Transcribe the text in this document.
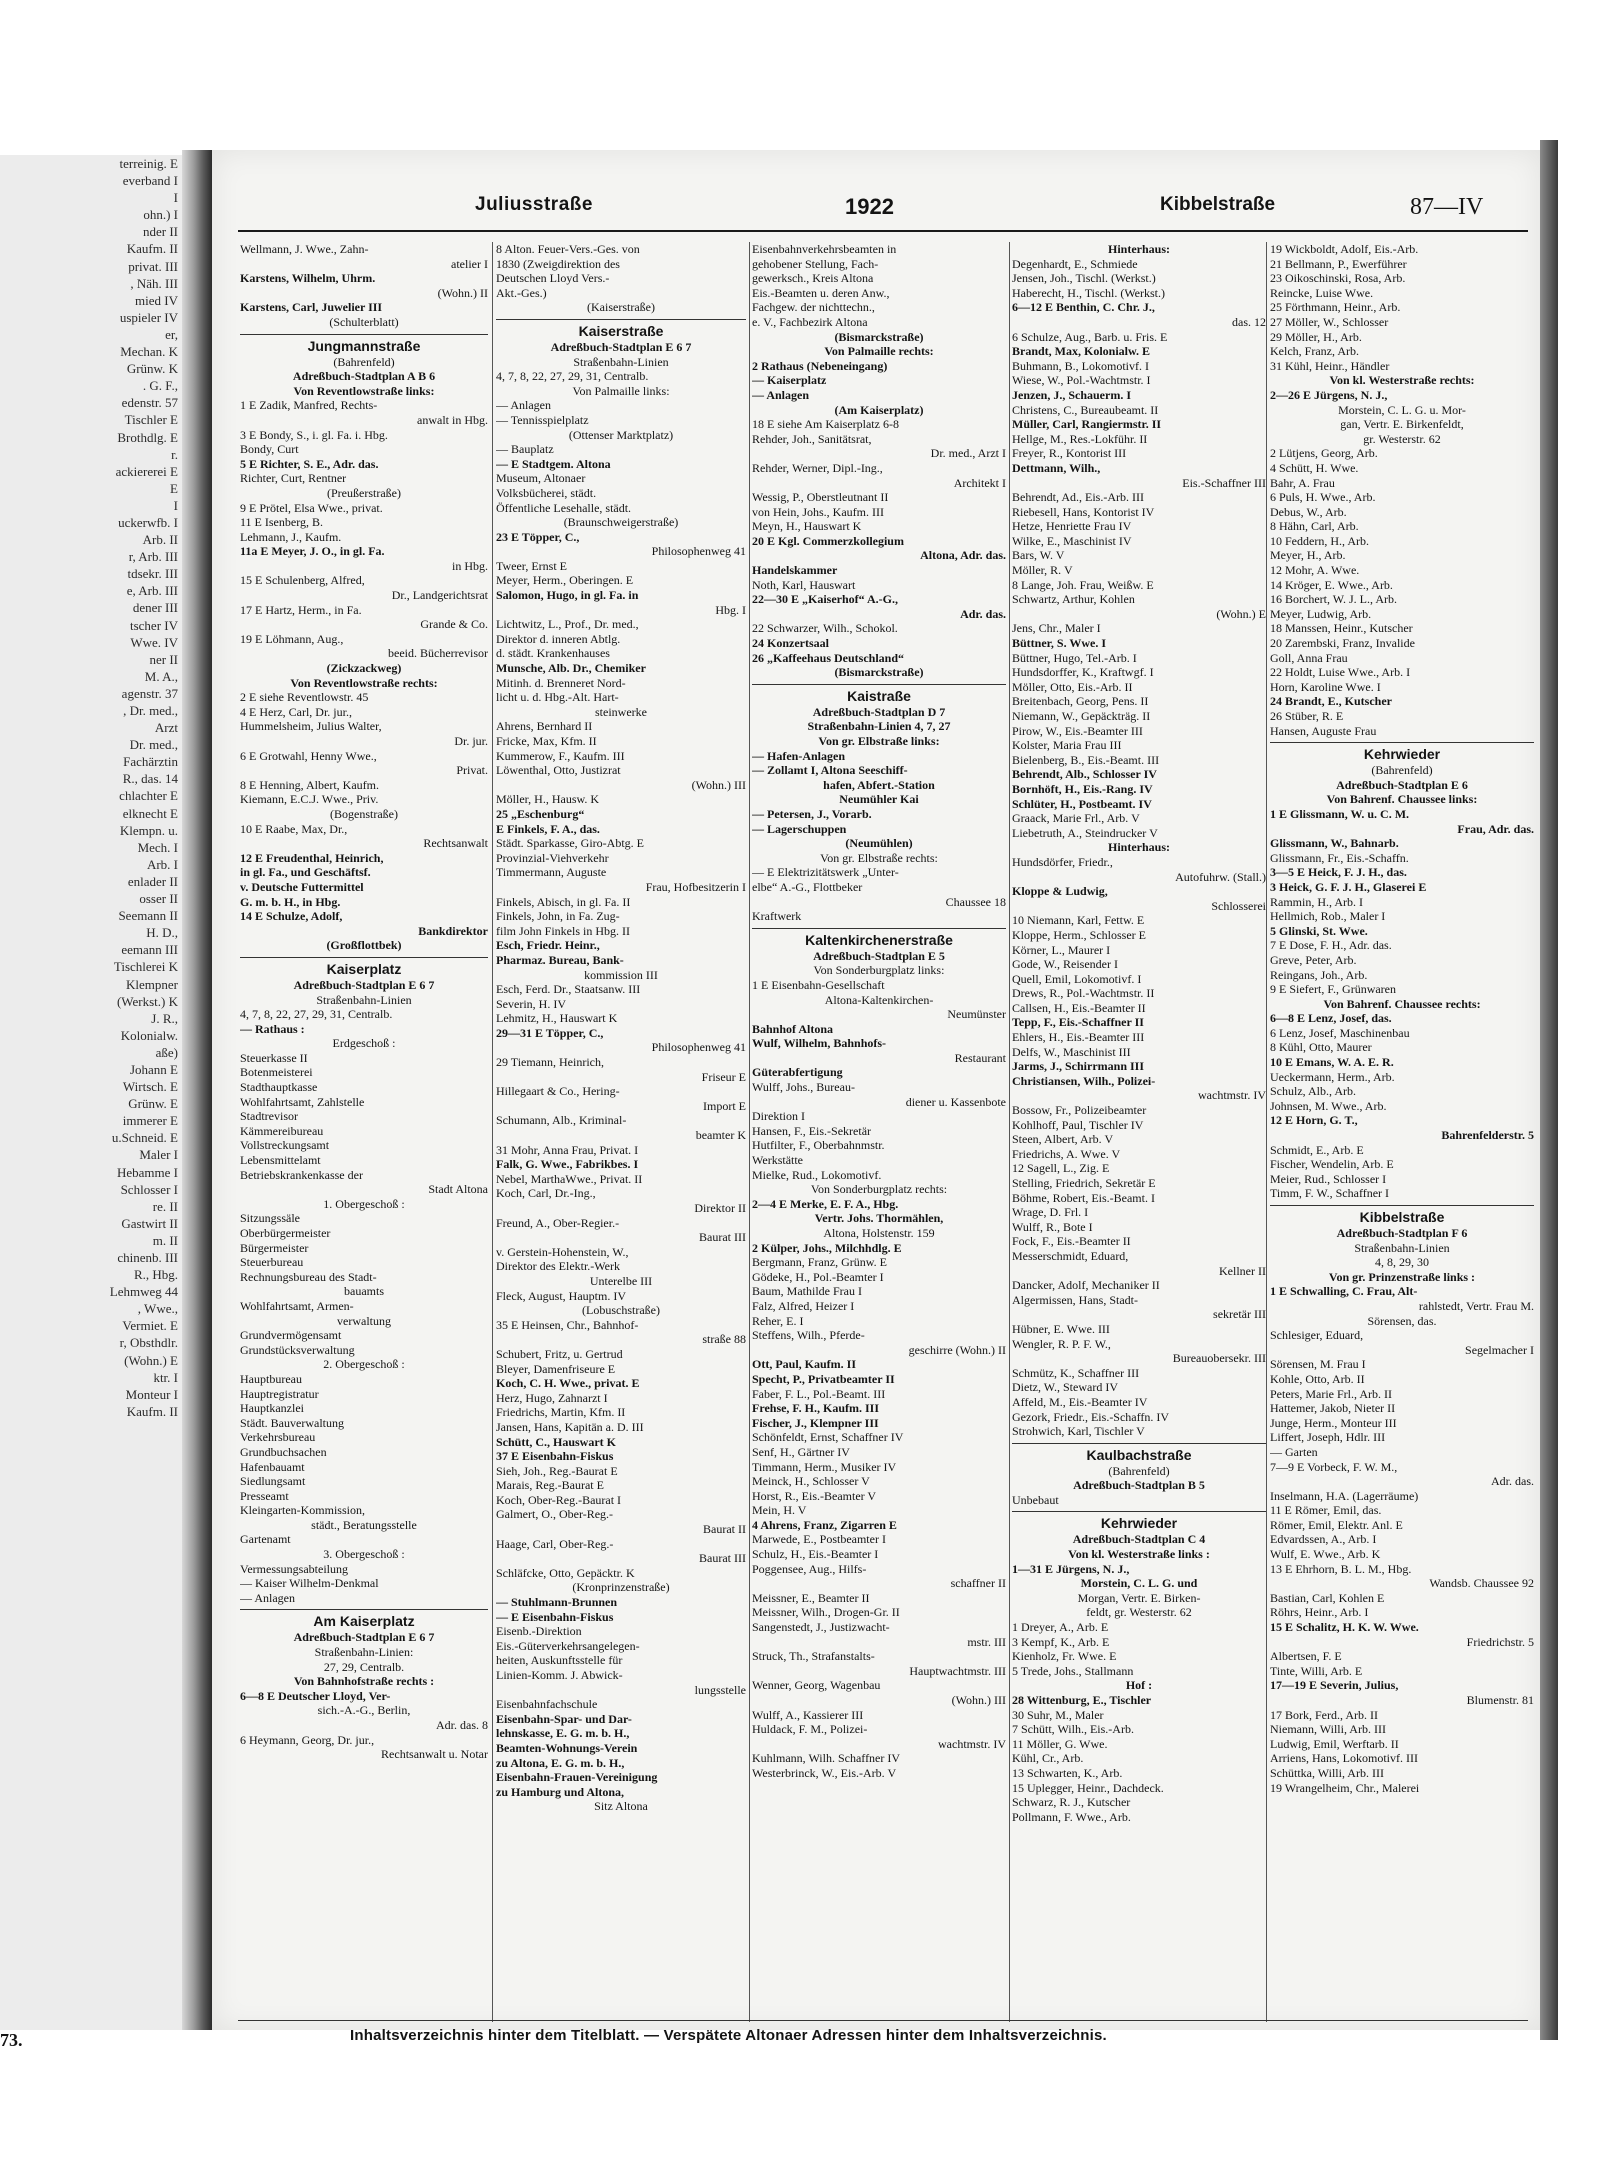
terreinig. E
everband I
I
ohn.) I
nder II
Kaufm. II
privat. III
, Näh. III
mied IV
uspieler IV
er,
Mechan. K
Grünw. K
. G. F.,
edenstr. 57
Tischler E
Brothdlg. E
r.
ackiererei E
E
I
uckerwfb. I
Arb. II
r, Arb. III
tdsekr. III
e, Arb. III
dener III
tscher IV
Wwe. IV
ner II
M. A.,
agenstr. 37
, Dr. med.,
Arzt
Dr. med.,
Fachärztin
R., das. 14
chlachter E
elknecht E
Klempn. u.
Mech. I
Arb. I
enlader II
osser II
Seemann II
H. D.,
eemann III
Tischlerei K
Klempner
(Werkst.) K
J. R.,
Kolonialw.
aße)
Johann E
Wirtsch. E
Grünw. E
immerer E
u.Schneid. E
Maler I
Hebamme I
Schlosser I
re. II
Gastwirt II
m. II
chinenb. III
R., Hbg.
Lehmweg 44
, Wwe.,
Vermiet. E
r, Obsthdlr.
(Wohn.) E
ktr. I
Monteur I
Kaufm. II
Juliusstraße	1922	Kibbelstraße	87—IV
Wellmann, J. Wwe., Zahn-
atelier I
Karstens, Wilhelm, Uhrm.
(Wohn.) II
Karstens, Carl, Juwelier III
(Schulterblatt)
Jungmannstraße
(Bahrenfeld)
Adreßbuch-Stadtplan A B 6
Von Reventlowstraße links:
1 E Zadik, Manfred, Rechts-
anwalt in Hbg.
3 E Bondy, S., i. gl. Fa. i. Hbg.
Bondy, Curt
5 E Richter, S. E., Adr. das.
Richter, Curt, Rentner
(Preußerstraße)
9 E Prötel, Elsa Wwe., privat.
11 E Isenberg, B.
Lehmann, J., Kaufm.
11a E Meyer, J. O., in gl. Fa.
in Hbg.
15 E Schulenberg, Alfred,
Dr., Landgerichtsrat
17 E Hartz, Herm., in Fa.
Grande & Co.
19 E Löhmann, Aug.,
beeid. Bücherrevisor
(Zickzackweg)
Von Reventlowstraße rechts:
2 E siehe Reventlowstr. 45
4 E Herz, Carl, Dr. jur.,
Hummelsheim, Julius Walter,
Dr. jur.
6 E Grotwahl, Henny Wwe.,
Privat.
8 E Henning, Albert, Kaufm.
Kiemann, E.C.J. Wwe., Priv.
(Bogenstraße)
10 E Raabe, Max, Dr.,
Rechtsanwalt
12 E Freudenthal, Heinrich,
in gl. Fa., und Geschäftsf.
v. Deutsche Futtermittel
G. m. b. H., in Hbg.
14 E Schulze, Adolf,
Bankdirektor
(Großflottbek)
Kaiserplatz
Adreßbuch-Stadtplan E 6 7
Straßenbahn-Linien
4, 7, 8, 22, 27, 29, 31, Centralb.
— Rathaus :
Erdgeschoß :
Steuerkasse II
Botenmeisterei
Stadthauptkasse
Wohlfahrtsamt, Zahlstelle
Stadtrevisor
Kämmereibureau
Vollstreckungsamt
Lebensmittelamt
Betriebskrankenkasse der
Stadt Altona
1. Obergeschoß :
Sitzungssäle
Oberbürgermeister
Bürgermeister
Steuerbureau
Rechnungsbureau des Stadt-
bauamts
Wohlfahrtsamt, Armen-
verwaltung
Grundvermögensamt
Grundstücksverwaltung
2. Obergeschoß :
Hauptbureau
Hauptregistratur
Hauptkanzlei
Städt. Bauverwaltung
Verkehrsbureau
Grundbuchsachen
Hafenbauamt
Siedlungsamt
Presseamt
Kleingarten-Kommission,
städt., Beratungsstelle
Gartenamt
3. Obergeschoß :
Vermessungsabteilung
— Kaiser Wilhelm-Denkmal
— Anlagen
Am Kaiserplatz
Adreßbuch-Stadtplan E 6 7
Straßenbahn-Linien:
27, 29, Centralb.
Von Bahnhofstraße rechts :
6—8 E Deutscher Lloyd, Ver-
sich.-A.-G., Berlin,
Adr. das. 8
6 Heymann, Georg, Dr. jur.,
Rechtsanwalt u. Notar
8 Alton. Feuer-Vers.-Ges. von
1830 (Zweigdirektion des
Deutschen Lloyd Vers.-
Akt.-Ges.)
(Kaiserstraße)
Kaiserstraße
Adreßbuch-Stadtplan E 6 7
Straßenbahn-Linien
4, 7, 8, 22, 27, 29, 31, Centralb.
Von Palmaille links:
— Anlagen
— Tennisspielplatz
(Ottenser Marktplatz)
— Bauplatz
— E Stadtgem. Altona
Museum, Altonaer
Volksbücherei, städt.
Öffentliche Lesehalle, städt.
(Braunschweigerstraße)
23 E Töpper, C.,
Philosophenweg 41
Tweer, Ernst E
Meyer, Herm., Oberingen. E
Salomon, Hugo, in gl. Fa. in
Hbg. I
Lichtwitz, L., Prof., Dr. med.,
Direktor d. inneren Abtlg.
d. städt. Krankenhauses
Munsche, Alb. Dr., Chemiker
Mitinh. d. Brenneret Nord-
licht u. d. Hbg.-Alt. Hart-
steinwerke
Ahrens, Bernhard II
Fricke, Max, Kfm. II
Kummerow, F., Kaufm. III
Löwenthal, Otto, Justizrat
(Wohn.) III
Möller, H., Hausw. K
25 „Eschenburg“
E Finkels, F. A., das.
Städt. Sparkasse, Giro-Abtg. E
Provinzial-Viehverkehr
Timmermann, Auguste
Frau, Hofbesitzerin I
Finkels, Abisch, in gl. Fa. II
Finkels, John, in Fa. Zug-
film John Finkels in Hbg. II
Esch, Friedr. Heinr.,
Pharmaz. Bureau, Bank-
kommission III
Esch, Ferd. Dr., Staatsanw. III
Severin, H. IV
Lehmitz, H., Hauswart K
29—31 E Töpper, C.,
Philosophenweg 41
29 Tiemann, Heinrich,
Friseur E
Hillegaart & Co., Hering-
Import E
Schumann, Alb., Kriminal-
beamter K
31 Mohr, Anna Frau, Privat. I
Falk, G. Wwe., Fabrikbes. I
Nebel, MarthaWwe., Privat. II
Koch, Carl, Dr.-Ing.,
Direktor II
Freund, A., Ober-Regier.-
Baurat III
v. Gerstein-Hohenstein, W.,
Direktor des Elektr.-Werk
Unterelbe III
Fleck, August, Hauptm. IV
(Lobuschstraße)
35 E Heinsen, Chr., Bahnhof-
straße 88
Schubert, Fritz, u. Gertrud
Bleyer, Damenfriseure E
Koch, C. H. Wwe., privat. E
Herz, Hugo, Zahnarzt I
Friedrichs, Martin, Kfm. II
Jansen, Hans, Kapitän a. D. III
Schütt, C., Hauswart K
37 E Eisenbahn-Fiskus
Sieh, Joh., Reg.-Baurat E
Marais, Reg.-Baurat E
Koch, Ober-Reg.-Baurat I
Galmert, O., Ober-Reg.-
Baurat II
Haage, Carl, Ober-Reg.-
Baurat III
Schläfcke, Otto, Gepäcktr. K
(Kronprinzenstraße)
— Stuhlmann-Brunnen
— E Eisenbahn-Fiskus
Eisenb.-Direktion
Eis.-Güterverkehrsangelegen-
heiten, Auskunftsstelle für
Linien-Komm. J. Abwick-
lungsstelle
Eisenbahnfachschule
Eisenbahn-Spar- und Dar-
lehnskasse, E. G. m. b. H.,
Beamten-Wohnungs-Verein
zu Altona, E. G. m. b. H.,
Eisenbahn-Frauen-Vereinigung
zu Hamburg und Altona,
Sitz Altona
Eisenbahnverkehrsbeamten in
gehobener Stellung, Fach-
gewerksch., Kreis Altona
Eis.-Beamten u. deren Anw.,
Fachgew. der nichttechn.,
e. V., Fachbezirk Altona
(Bismarckstraße)
Von Palmaille rechts:
2 Rathaus (Nebeneingang)
— Kaiserplatz
— Anlagen
(Am Kaiserplatz)
18 E siehe Am Kaiserplatz 6-8
Rehder, Joh., Sanitätsrat,
Dr. med., Arzt I
Rehder, Werner, Dipl.-Ing.,
Architekt I
Wessig, P., Oberstleutnant II
von Hein, Johs., Kaufm. III
Meyn, H., Hauswart K
20 E Kgl. Commerzkollegium
Altona, Adr. das.
Handelskammer
Noth, Karl, Hauswart
22—30 E „Kaiserhof“ A.-G.,
Adr. das.
22 Schwarzer, Wilh., Schokol.
24 Konzertsaal
26 „Kaffeehaus Deutschland“
(Bismarckstraße)
Kaistraße
Adreßbuch-Stadtplan D 7
Straßenbahn-Linien 4, 7, 27
Von gr. Elbstraße links:
— Hafen-Anlagen
— Zollamt I, Altona Seeschiff-
hafen, Abfert.-Station
Neumühler Kai
— Petersen, J., Vorarb.
— Lagerschuppen
(Neumühlen)
Von gr. Elbstraße rechts:
— E Elektrizitätswerk „Unter-
elbe“ A.-G., Flottbeker
Chaussee 18
Kraftwerk
Kaltenkirchenerstraße
Adreßbuch-Stadtplan E 5
Von Sonderburgplatz links:
1 E Eisenbahn-Gesellschaft
Altona-Kaltenkirchen-
Neumünster
Bahnhof Altona
Wulf, Wilhelm, Bahnhofs-
Restaurant
Güterabfertigung
Wulff, Johs., Bureau-
diener u. Kassenbote
Direktion I
Hansen, F., Eis.-Sekretär
Hutfilter, F., Oberbahnmstr.
Werkstätte
Mielke, Rud., Lokomotivf.
Von Sonderburgplatz rechts:
2—4 E Merke, E. F. A., Hbg.
Vertr. Johs. Thormählen,
Altona, Holstenstr. 159
2 Külper, Johs., Milchhdlg. E
Bergmann, Franz, Grünw. E
Gödeke, H., Pol.-Beamter I
Baum, Mathilde Frau I
Falz, Alfred, Heizer I
Reher, E. I
Steffens, Wilh., Pferde-
geschirre (Wohn.) II
Ott, Paul, Kaufm. II
Specht, P., Privatbeamter II
Faber, F. L., Pol.-Beamt. III
Frehse, F. H., Kaufm. III
Fischer, J., Klempner III
Schönfeldt, Ernst, Schaffner IV
Senf, H., Gärtner IV
Timmann, Herm., Musiker IV
Meinck, H., Schlosser V
Horst, R., Eis.-Beamter V
Mein, H. V
4 Ahrens, Franz, Zigarren E
Marwede, E., Postbeamter I
Schulz, H., Eis.-Beamter I
Poggensee, Aug., Hilfs-
schaffner II
Meissner, E., Beamter II
Meissner, Wilh., Drogen-Gr. II
Sangenstedt, J., Justizwacht-
mstr. III
Struck, Th., Strafanstalts-
Hauptwachtmstr. III
Wenner, Georg, Wagenbau
(Wohn.) III
Wulff, A., Kassierer III
Huldack, F. M., Polizei-
wachtmstr. IV
Kuhlmann, Wilh. Schaffner IV
Westerbrinck, W., Eis.-Arb. V
Hinterhaus:
Degenhardt, E., Schmiede
Jensen, Joh., Tischl. (Werkst.)
Haberecht, H., Tischl. (Werkst.)
6—12 E Benthin, C. Chr. J.,
das. 12
6 Schulze, Aug., Barb. u. Fris. E
Brandt, Max, Kolonialw. E
Buhmann, B., Lokomotivf. I
Wiese, W., Pol.-Wachtmstr. I
Jenzen, J., Schauerm. I
Christens, C., Bureaubeamt. II
Müller, Carl, Rangiermstr. II
Hellge, M., Res.-Lokführ. II
Freyer, R., Kontorist III
Dettmann, Wilh.,
Eis.-Schaffner III
Behrendt, Ad., Eis.-Arb. III
Riebesell, Hans, Kontorist IV
Hetze, Henriette Frau IV
Wilke, E., Maschinist IV
Bars, W. V
Möller, R. V
8 Lange, Joh. Frau, Weißw. E
Schwartz, Arthur, Kohlen
(Wohn.) E
Jens, Chr., Maler I
Büttner, S. Wwe. I
Büttner, Hugo, Tel.-Arb. I
Hundsdorffer, K., Kraftwgf. I
Möller, Otto, Eis.-Arb. II
Breitenbach, Georg, Pens. II
Niemann, W., Gepäckträg. II
Pirow, W., Eis.-Beamter III
Kolster, Maria Frau III
Bielenberg, B., Eis.-Beamt. III
Behrendt, Alb., Schlosser IV
Bornhöft, H., Eis.-Rang. IV
Schlüter, H., Postbeamt. IV
Graack, Marie Frl., Arb. V
Liebetruth, A., Steindrucker V
Hinterhaus:
Hundsdörfer, Friedr.,
Autofuhrw. (Stall.)
Kloppe & Ludwig,
Schlosserei
10 Niemann, Karl, Fettw. E
Kloppe, Herm., Schlosser E
Körner, L., Maurer I
Gode, W., Reisender I
Quell, Emil, Lokomotivf. I
Drews, R., Pol.-Wachtmstr. II
Callsen, H., Eis.-Beamter II
Tepp, F., Eis.-Schaffner II
Ehlers, H., Eis.-Beamter III
Delfs, W., Maschinist III
Jarms, J., Schirrmann III
Christiansen, Wilh., Polizei-
wachtmstr. IV
Bossow, Fr., Polizeibeamter
Kohlhoff, Paul, Tischler IV
Steen, Albert, Arb. V
Friedrichs, A. Wwe. V
12 Sagell, L., Zig. E
Stelling, Friedrich, Sekretär E
Böhme, Robert, Eis.-Beamt. I
Wrage, D. Frl. I
Wulff, R., Bote I
Fock, F., Eis.-Beamter II
Messerschmidt, Eduard,
Kellner II
Dancker, Adolf, Mechaniker II
Algermissen, Hans, Stadt-
sekretär III
Hübner, E. Wwe. III
Wengler, R. P. F. W.,
Bureauobersekr. III
Schmütz, K., Schaffner III
Dietz, W., Steward IV
Affeld, M., Eis.-Beamter IV
Gezork, Friedr., Eis.-Schaffn. IV
Strohwich, Karl, Tischler V
Kaulbachstraße
(Bahrenfeld)
Adreßbuch-Stadtplan B 5
Unbebaut
Kehrwieder
Adreßbuch-Stadtplan C 4
Von kl. Westerstraße links :
1—31 E Jürgens, N. J.,
Morstein, C. L. G. und
Morgan, Vertr. E. Birken-
feldt, gr. Westerstr. 62
1 Dreyer, A., Arb. E
3 Kempf, K., Arb. E
Kienholz, Fr. Wwe. E
5 Trede, Johs., Stallmann
Hof :
28 Wittenburg, E., Tischler
30 Suhr, M., Maler
7 Schütt, Wilh., Eis.-Arb.
11 Möller, G. Wwe.
Kühl, Cr., Arb.
13 Schwarten, K., Arb.
15 Uplegger, Heinr., Dachdeck.
Schwarz, R. J., Kutscher
Pollmann, F. Wwe., Arb.
19 Wickboldt, Adolf, Eis.-Arb.
21 Bellmann, P., Ewerführer
23 Oikoschinski, Rosa, Arb.
Reincke, Luise Wwe.
25 Förthmann, Heinr., Arb.
27 Möller, W., Schlosser
29 Möller, H., Arb.
Kelch, Franz, Arb.
31 Kühl, Heinr., Händler
Von kl. Westerstraße rechts:
2—26 E Jürgens, N. J.,
Morstein, C. L. G. u. Mor-
gan, Vertr. E. Birkenfeldt,
gr. Westerstr. 62
2 Lütjens, Georg, Arb.
4 Schütt, H. Wwe.
Bahr, A. Frau
6 Puls, H. Wwe., Arb.
Debus, W., Arb.
8 Hähn, Carl, Arb.
10 Feddern, H., Arb.
Meyer, H., Arb.
12 Mohr, A. Wwe.
14 Kröger, E. Wwe., Arb.
16 Borchert, W. J. L., Arb.
Meyer, Ludwig, Arb.
18 Manssen, Heinr., Kutscher
20 Zarembski, Franz, Invalide
Goll, Anna Frau
22 Holdt, Luise Wwe., Arb. I
Horn, Karoline Wwe. I
24 Brandt, E., Kutscher
26 Stüber, R. E
Hansen, Auguste Frau
Kehrwieder
(Bahrenfeld)
Adreßbuch-Stadtplan E 6
Von Bahrenf. Chaussee links:
1 E Glissmann, W. u. C. M.
Frau, Adr. das.
Glissmann, W., Bahnarb.
Glissmann, Fr., Eis.-Schaffn.
3—5 E Heick, F. J. H., das.
3 Heick, G. F. J. H., Glaserei E
Rammin, H., Arb. I
Hellmich, Rob., Maler I
5 Glinski, St. Wwe.
7 E Dose, F. H., Adr. das.
Greve, Peter, Arb.
Reingans, Joh., Arb.
9 E Siefert, F., Grünwaren
Von Bahrenf. Chaussee rechts:
6—8 E Lenz, Josef, das.
6 Lenz, Josef, Maschinenbau
8 Kühl, Otto, Maurer
10 E Emans, W. A. E. R.
Ueckermann, Herm., Arb.
Schulz, Alb., Arb.
Johnsen, M. Wwe., Arb.
12 E Horn, G. T.,
Bahrenfelderstr. 5
Schmidt, E., Arb. E
Fischer, Wendelin, Arb. E
Meier, Rud., Schlosser I
Timm, F. W., Schaffner I
Kibbelstraße
Adreßbuch-Stadtplan F 6
Straßenbahn-Linien
4, 8, 29, 30
Von gr. Prinzenstraße links :
1 E Schwalling, C. Frau, Alt-
rahlstedt, Vertr. Frau M.
Sörensen, das.
Schlesiger, Eduard,
Segelmacher I
Sörensen, M. Frau I
Kohle, Otto, Arb. II
Peters, Marie Frl., Arb. II
Hattemer, Jakob, Nieter II
Junge, Herm., Monteur III
Liffert, Joseph, Hdlr. III
— Garten
7—9 E Vorbeck, F. W. M.,
Adr. das.
Inselmann, H.A. (Lagerräume)
11 E Römer, Emil, das.
Römer, Emil, Elektr. Anl. E
Edvardssen, A., Arb. I
Wulf, E. Wwe., Arb. K
13 E Ehrhorn, B. L. M., Hbg.
Wandsb. Chaussee 92
Bastian, Carl, Kohlen E
Röhrs, Heinr., Arb. I
15 E Schalitz, H. K. W. Wwe.
Friedrichstr. 5
Albertsen, F. E
Tinte, Willi, Arb. E
17—19 E Severin, Julius,
Blumenstr. 81
17 Bork, Ferd., Arb. II
Niemann, Willi, Arb. III
Ludwig, Emil, Werftarb. II
Arriens, Hans, Lokomotivf. III
Schüttka, Willi, Arb. III
19 Wrangelheim, Chr., Malerei
Inhaltsverzeichnis hinter dem Titelblatt. — Verspätete Altonaer Adressen hinter dem Inhaltsverzeichnis.
73.
